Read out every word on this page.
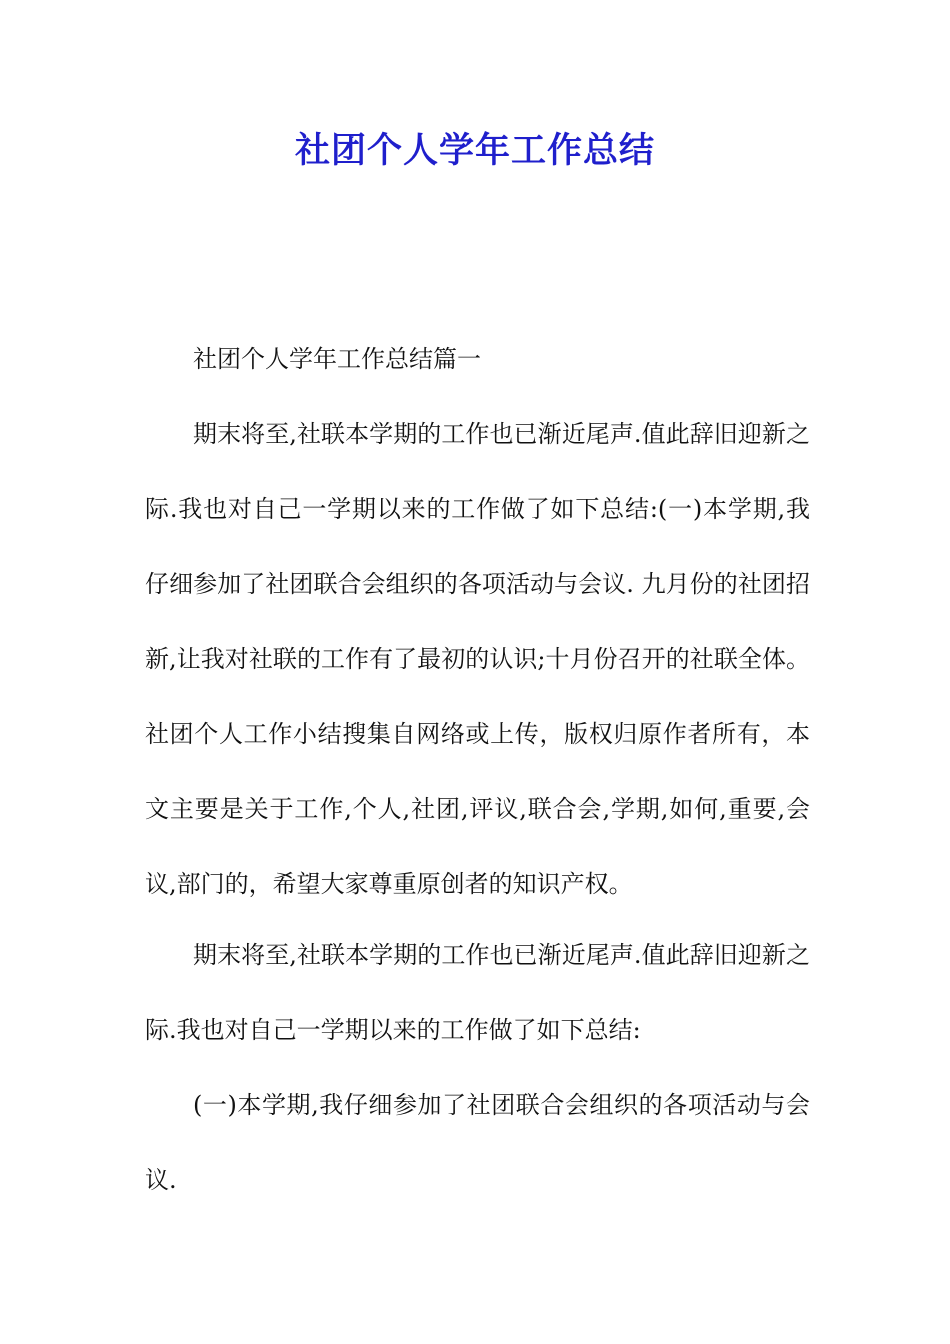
社团个人学年工作总结

社团个人学年工作总结篇一

期末将至,社联本学期的工作也已渐近尾声.值此辞旧迎新之际.我也对自己一学期以来的工作做了如下总结:(一)本学期,我仔细参加了社团联合会组织的各项活动与会议. 九月份的社团招新,让我对社联的工作有了最初的认识;十月份召开的社联全体。社团个人工作小结搜集自网络或上传，版权归原作者所有，本文主要是关于工作,个人,社团,评议,联合会,学期,如何,重要,会议,部门的，希望大家尊重原创者的知识产权。

期末将至,社联本学期的工作也已渐近尾声.值此辞旧迎新之际.我也对自己一学期以来的工作做了如下总结:

(一)本学期,我仔细参加了社团联合会组织的各项活动与会议.
